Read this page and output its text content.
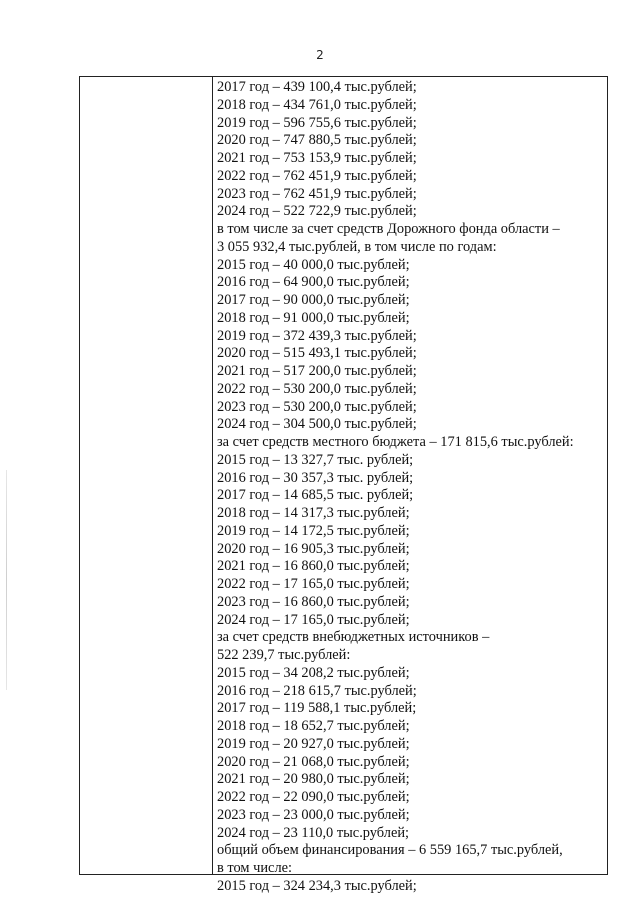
2
2017 год – 439 100,4 тыс.рублей;
2018 год – 434 761,0 тыс.рублей;
2019 год – 596 755,6 тыс.рублей;
2020 год – 747 880,5 тыс.рублей;
2021 год – 753 153,9 тыс.рублей;
2022 год – 762 451,9 тыс.рублей;
2023 год – 762 451,9 тыс.рублей;
2024 год – 522 722,9 тыс.рублей;
в том числе за счет средств Дорожного фонда области –
3 055 932,4 тыс.рублей, в том числе по годам:
2015 год – 40 000,0 тыс.рублей;
2016 год – 64 900,0 тыс.рублей;
2017 год – 90 000,0 тыс.рублей;
2018 год – 91 000,0 тыс.рублей;
2019 год – 372 439,3 тыс.рублей;
2020 год – 515 493,1 тыс.рублей;
2021 год – 517 200,0 тыс.рублей;
2022 год – 530 200,0 тыс.рублей;
2023 год – 530 200,0 тыс.рублей;
2024 год – 304 500,0 тыс.рублей;
за счет средств местного бюджета – 171 815,6 тыс.рублей:
2015 год – 13 327,7 тыс. рублей;
2016 год – 30 357,3 тыс. рублей;
2017 год – 14 685,5 тыс. рублей;
2018 год – 14 317,3 тыс.рублей;
2019 год – 14 172,5 тыс.рублей;
2020 год – 16 905,3 тыс.рублей;
2021 год – 16 860,0 тыс.рублей;
2022 год – 17 165,0 тыс.рублей;
2023 год – 16 860,0 тыс.рублей;
2024 год – 17 165,0 тыс.рублей;
за счет средств внебюджетных источников –
522 239,7 тыс.рублей:
2015 год – 34 208,2 тыс.рублей;
2016 год – 218 615,7 тыс.рублей;
2017 год – 119 588,1 тыс.рублей;
2018 год – 18 652,7 тыс.рублей;
2019 год – 20 927,0 тыс.рублей;
2020 год – 21 068,0 тыс.рублей;
2021 год – 20 980,0 тыс.рублей;
2022 год – 22 090,0 тыс.рублей;
2023 год – 23 000,0 тыс.рублей;
2024 год – 23 110,0 тыс.рублей;
общий объем финансирования – 6 559 165,7 тыс.рублей,
в том числе:
2015 год – 324 234,3 тыс.рублей;
